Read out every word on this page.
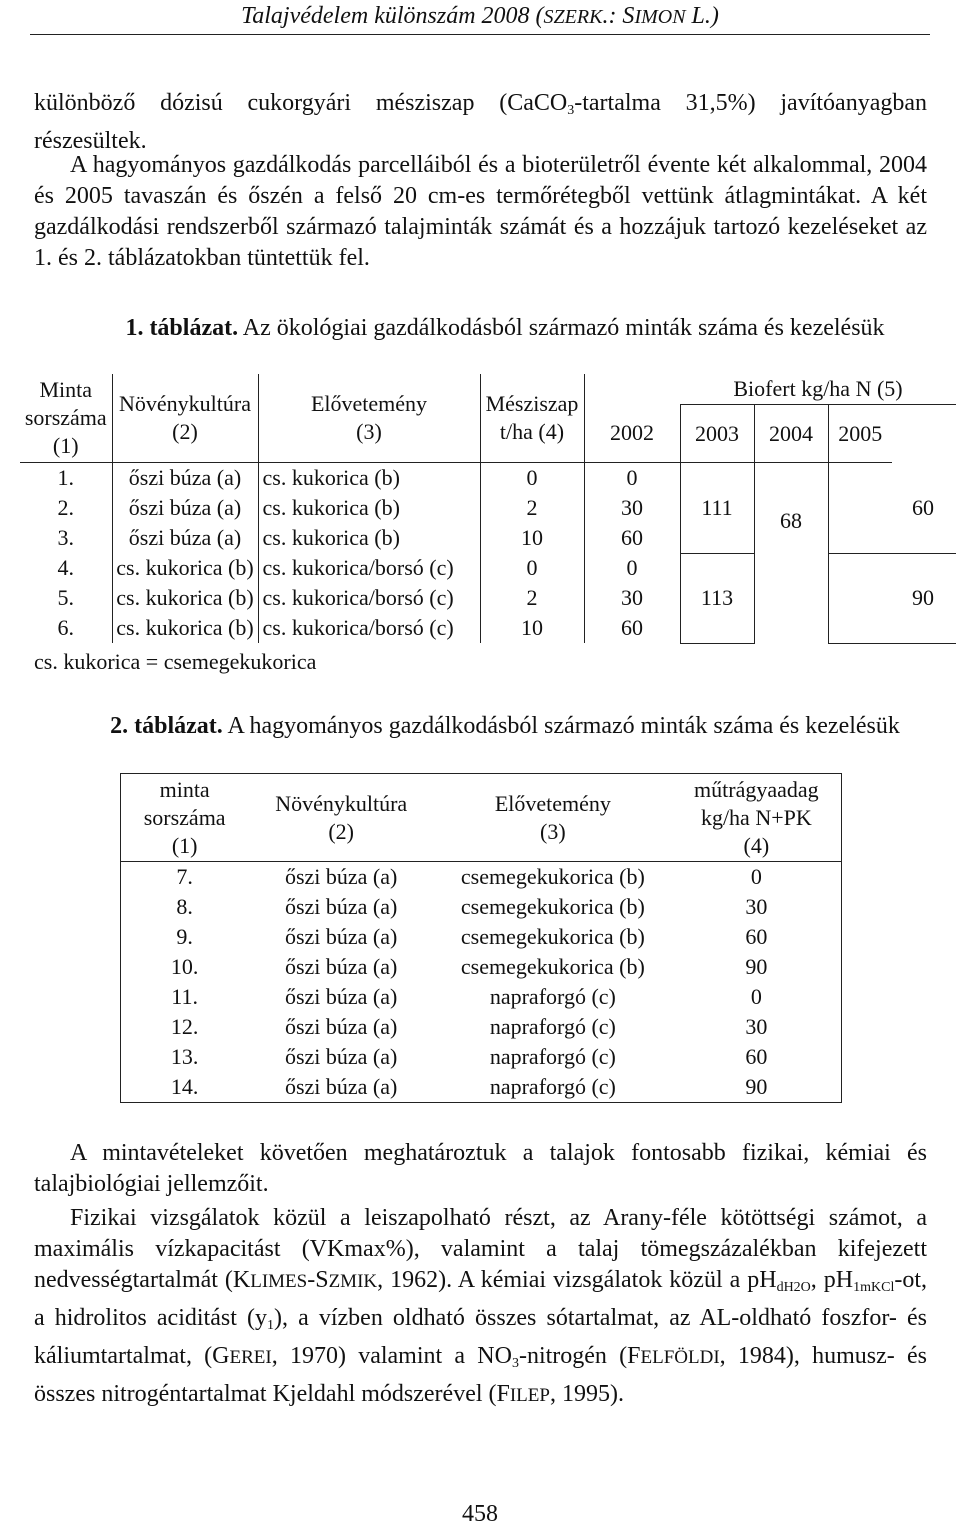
Talajvédelem különszám 2008 (SZERK.: SIMON L.)

különböző dózisú cukorgyári mésziszap (CaCO$_3$-tartalma 31,5%) javítóanyagban részesültek.

A hagyományos gazdálkodás parcelláiból és a bioterületről évente két alkalommal, 2004 és 2005 tavaszán és őszén a felső 20 cm-es termőrétegből vettünk átlagmintákat. A két gazdálkodási rendszerből származó talajminták számát és a hozzájuk tartozó kezeléseket az 1. és 2. táblázatokban tüntettük fel.

1. táblázat. Az ökológiai gazdálkodásból származó minták száma és kezelésük
Minta
sorszáma
(1)	Növénykultúra
(2)	Elővetemény
(3)	Mésziszap
t/ha (4)		Biofert kg/ha N (5)		
				2002	2003	2004	2005
1.	őszi búza (a)	cs. kukorica (b)	0	0	111	68	60
2.	őszi búza (a)	cs. kukorica (b)	2	30			
3.	őszi búza (a)	cs. kukorica (b)	10	60			
4.	cs. kukorica (b)	cs. kukorica/borsó (c)	0	0	113		90
5.	cs. kukorica (b)	cs. kukorica/borsó (c)	2	30			
6.	cs. kukorica (b)	cs. kukorica/borsó (c)	10	60			
cs. kukorica = csemegekukorica
2. táblázat. A hagyományos gazdálkodásból származó minták száma és kezelésük
minta
sorszáma
(1)	Növénykultúra
(2)	Elővetemény
(3)	műtrágyaadag
kg/ha N+PK
(4)
7.	őszi búza (a)	csemegekukorica (b)	0
8.	őszi búza (a)	csemegekukorica (b)	30
9.	őszi búza (a)	csemegekukorica (b)	60
10.	őszi búza (a)	csemegekukorica (b)	90
11.	őszi búza (a)	napraforgó (c)	0
12.	őszi búza (a)	napraforgó (c)	30
13.	őszi búza (a)	napraforgó (c)	60
14.	őszi búza (a)	napraforgó (c)	90

A mintavételeket követően meghatároztuk a talajok fontosabb fizikai, kémiai és talajbiológiai jellemzőit.

Fizikai vizsgálatok közül a leiszapolható részt, az Arany-féle kötöttségi számot, a maximális vízkapacitást (VKmax%), valamint a talaj tömegszázalékban kifejezett nedvességtartalmát (KLIMES-SZMIK, 1962). A kémiai vizsgálatok közül a $pH_{dH2O}$, $pH_{1mKCl}-ot$, a hidrolitos aciditást $(y_1)$, a vízben oldható összes sótartalmat, az AL-oldható foszfor- és káliumtartalmat, (GEREI, 1970) valamint a $NO_3$-nitrogén (FELFÖLDI, 1984), humusz- és összes nitrogéntartalmat Kjeldahl módszerével (FILEP, 1995).

458
